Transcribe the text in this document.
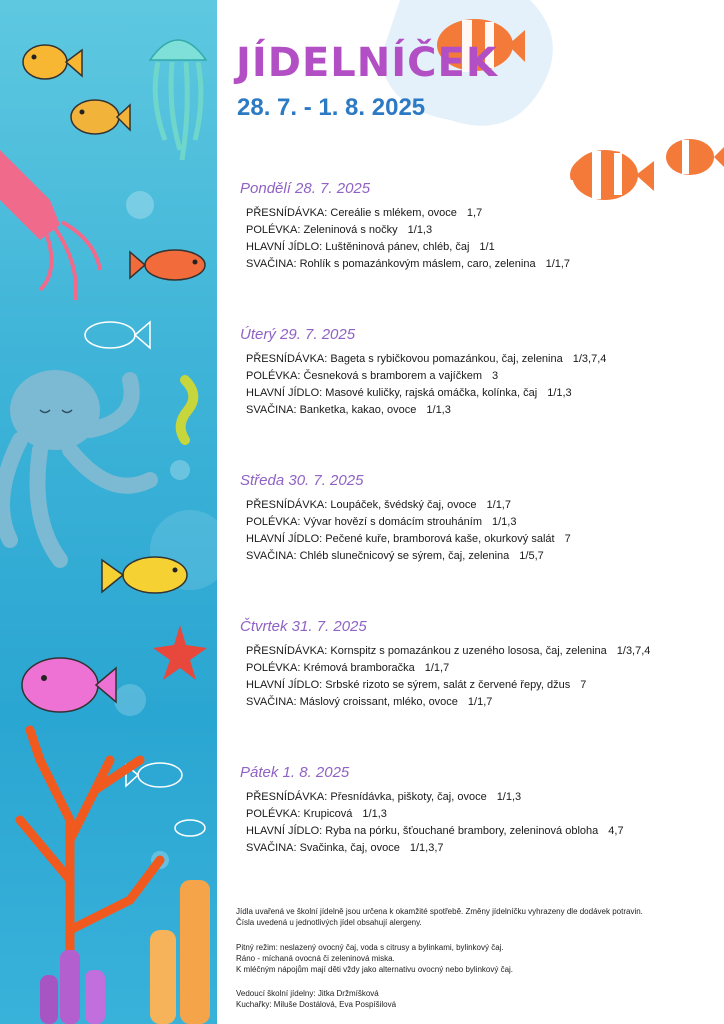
JÍDELNÍČEK
28. 7. - 1. 8. 2025
Pondělí 28. 7. 2025
PŘESNÍDÁVKA: Cereálie s mlékem, ovoce 1,7
POLÉVKA: Zeleninová s nočky 1/1,3
HLAVNÍ JÍDLO: Luštěninová pánev, chléb, čaj 1/1
SVAČINA: Rohlík s pomazánkovým máslem, caro, zelenina 1/1,7
Úterý 29. 7. 2025
PŘESNÍDÁVKA: Bageta s rybičkovou pomazánkou, čaj, zelenina 1/3,7,4
POLÉVKA: Česneková s bramborem a vajíčkem 3
HLAVNÍ JÍDLO: Masové kuličky, rajská omáčka, kolínka, čaj 1/1,3
SVAČINA: Banketka, kakao, ovoce 1/1,3
Středa 30. 7. 2025
PŘESNÍDÁVKA: Loupáček, švédský čaj, ovoce 1/1,7
POLÉVKA: Vývar hovězí s domácím strouháním 1/1,3
HLAVNÍ JÍDLO: Pečené kuře, bramborová kaše, okurkový salát 7
SVAČINA: Chléb slunečnicový se sýrem, čaj, zelenina 1/5,7
Čtvrtek 31. 7. 2025
PŘESNÍDÁVKA: Kornspitz s pomazánkou z uzeného lososa, čaj, zelenina 1/3,7,4
POLÉVKA: Krémová bramboračka 1/1,7
HLAVNÍ JÍDLO: Srbské rizoto se sýrem, salát z červené řepy, džus 7
SVAČINA: Máslový croissant, mléko, ovoce 1/1,7
Pátek 1. 8. 2025
PŘESNÍDÁVKA: Přesnídávka, piškoty, čaj, ovoce 1/1,3
POLÉVKA: Krupicová 1/1,3
HLAVNÍ JÍDLO: Ryba na pórku, šťouchané brambory, zeleninová obloha 4,7
SVAČINA: Svačinka, čaj, ovoce 1/1,3,7
Jídla uvařená ve školní jídelně jsou určena k okamžité spotřebě. Změny jídelníčku vyhrazeny dle dodávek potravin.
Čísla uvedená u jednotlivých jídel obsahují alergeny.
Pitný režim: neslazený ovocný čaj, voda s citrusy a bylinkami, bylinkový čaj.
Ráno - míchaná ovocná či zeleninová miska.
K mléčným nápojům mají děti vždy jako alternativu ovocný nebo bylinkový čaj.
Vedoucí školní jídelny: Jitka Držmíšková
Kuchařky: Miluše Dostálová, Eva Pospíšilová
